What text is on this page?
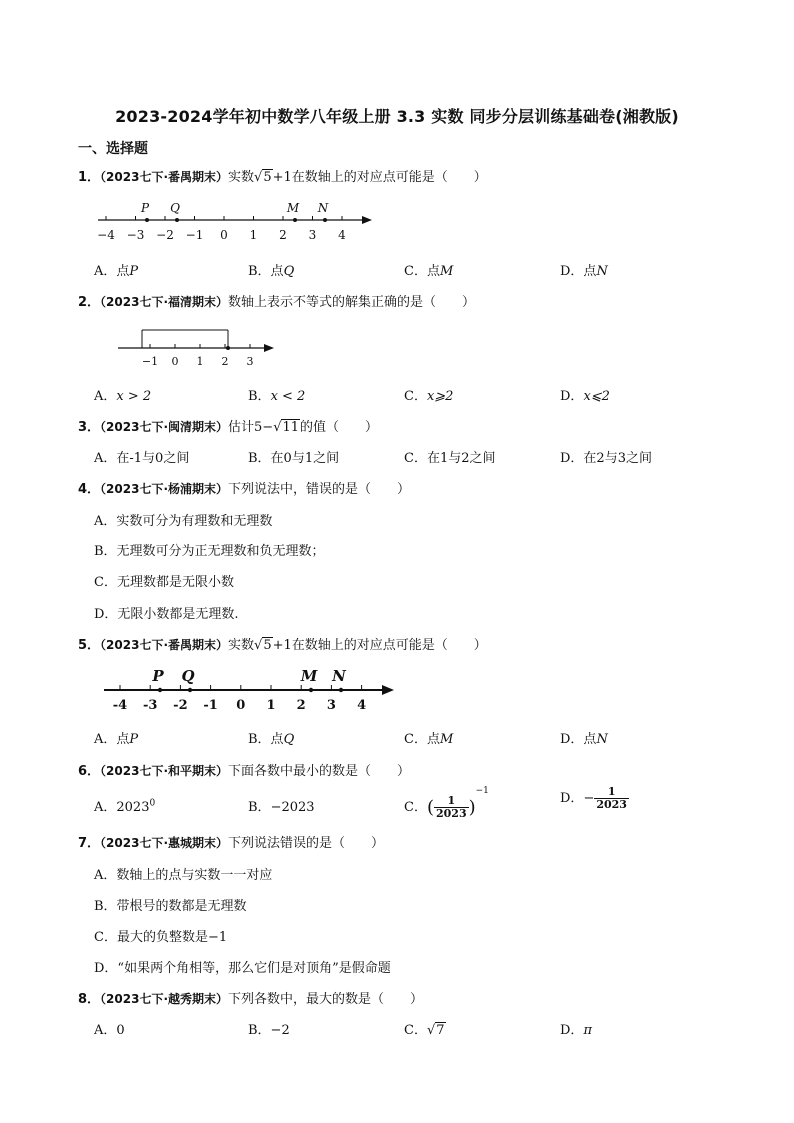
2023-2024学年初中数学八年级上册 3.3 实数 同步分层训练基础卷(湘教版)
一、选择题
1．（2023七下·番禺期末）实数√5+1在数轴上的对应点可能是（　　）
−4 −3 −2 −1 0 1 2 3 4
P Q	M N
A．点P	B．点Q	C．点M	D．点N
2．（2023七下·福清期末）数轴上表示不等式的解集正确的是（　　）
−1 0 1 2 3
A．x > 2	B．x < 2	C．x⩾2	D．x⩽2
3．（2023七下·闽清期末）估计5−√11的值（　　）
A．在-1与0之间	B．在0与1之间	C．在1与2之间	D．在2与3之间
4．（2023七下·杨浦期末）下列说法中，错误的是（　　）
A．实数可分为有理数和无理数
B．无理数可分为正无理数和负无理数；
C．无理数都是无限小数
D．无限小数都是无理数.
5．（2023七下·番禺期末）实数√5+1在数轴上的对应点可能是（　　）
-4 -3 -2 -1 0 1 2 3 4
P Q	M N
A．点P	B．点Q	C．点M	D．点N
6．（2023七下·和平期末）下面各数中最小的数是（　　）
A．2023$^0$	B．−2023	C．( $\frac{1}{2023} )^{-1}$	D．− $\frac{1}{2023}$
7．（2023七下·惠城期末）下列说法错误的是（　　）
A．数轴上的点与实数一一对应
B．带根号的数都是无理数
C．最大的负整数是−1
D．“如果两个角相等，那么它们是对顶角”是假命题
8．（2023七下·越秀期末）下列各数中，最大的数是（　　）
A．0	B．−2	C．√7	D．π
